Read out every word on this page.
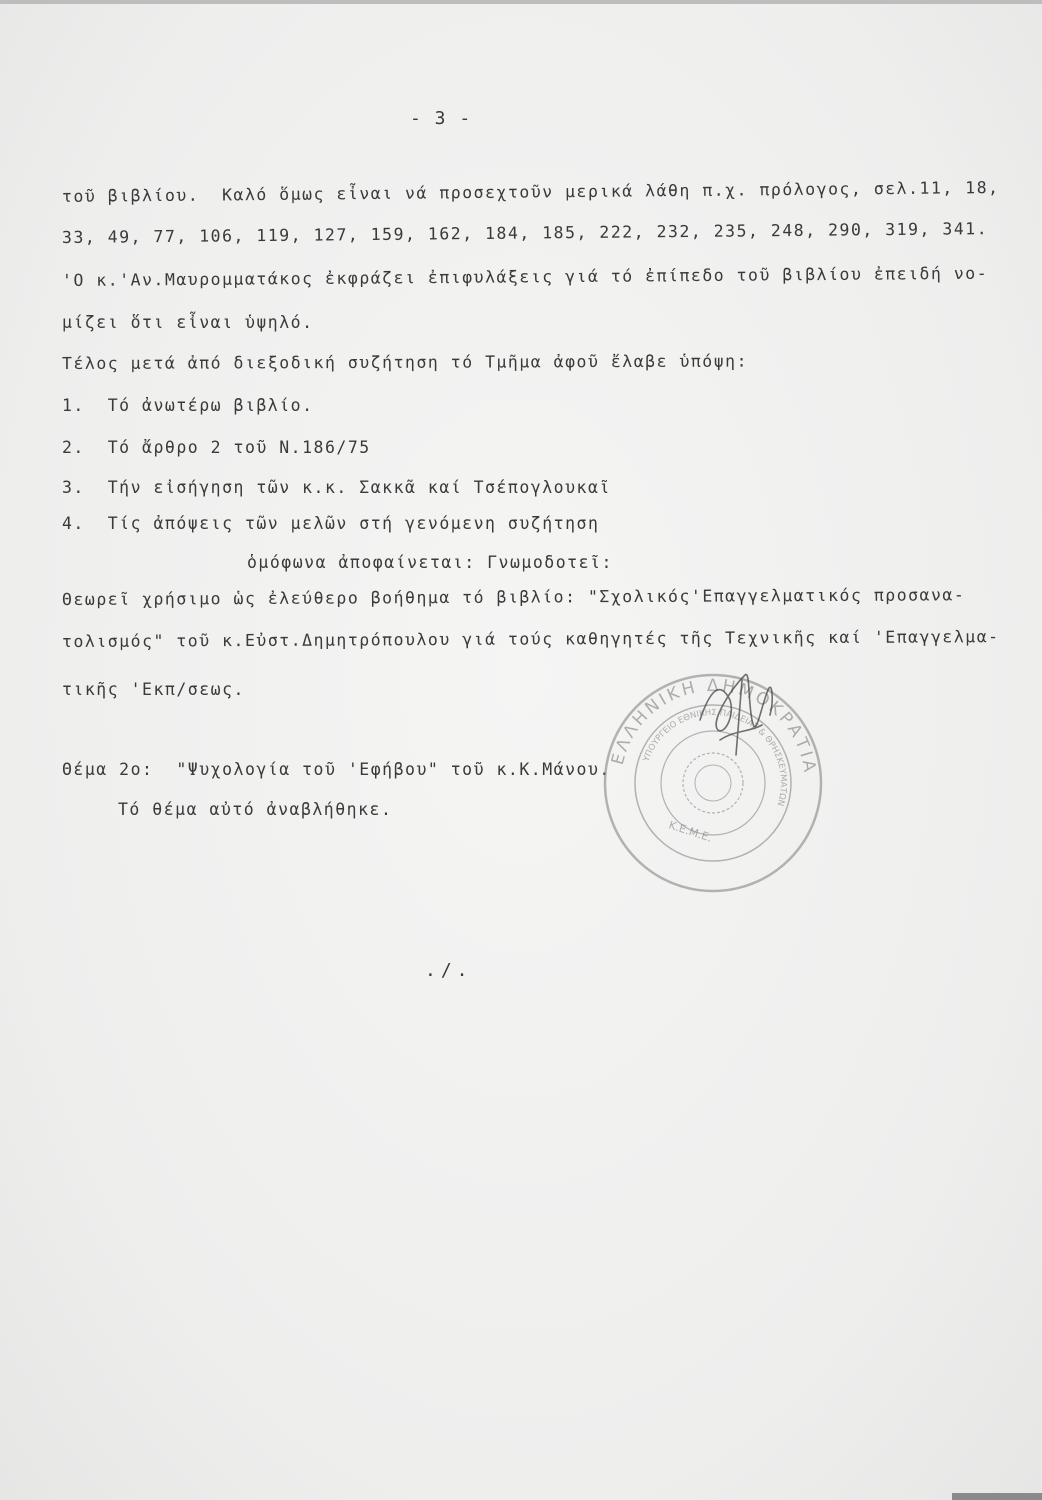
- 3 -
τοῦ βιβλίου.  Καλό ὅμως εἶναι νά προσεχτοῦν μερικά λάθη π.χ. πρόλογος, σελ.11, 18,
33, 49, 77, 106, 119, 127, 159, 162, 184, 185, 222, 232, 235, 248, 290, 319, 341.
'Ο κ.'Αν.Μαυρομματάκος ἐκφράζει ἐπιφυλάξεις γιά τό ἐπίπεδο τοῦ βιβλίου ἐπειδή νο-
μίζει ὅτι εἶναι ὑψηλό.
Τέλος μετά ἀπό διεξοδική συζήτηση τό Τμῆμα ἀφοῦ ἔλαβε ὑπόψη:
1.  Τό ἀνωτέρω βιβλίο.
2.  Τό ἄρθρο 2 τοῦ Ν.186/75
3.  Τήν εἰσήγηση τῶν κ.κ. Σακκᾶ καί Τσέπογλουκαῖ
4.  Τίς ἀπόψεις τῶν μελῶν στή γενόμενη συζήτηση
ὁμόφωνα ἀποφαίνεται: Γνωμοδοτεῖ:
Θεωρεῖ χρήσιμο ὡς ἐλεύθερο βοήθημα τό βιβλίο: "Σχολικός'Επαγγελματικός προσανα-
τολισμός" τοῦ κ.Εὐστ.Δημητρόπουλου γιά τούς καθηγητές τῆς Τεχνικῆς καί 'Επαγγελμα-
τικῆς 'Εκπ/σεως.
Θέμα 2ο:  "Ψυχολογία τοῦ 'Εφήβου" τοῦ κ.Κ.Μάνου.
Τό θέμα αὐτό ἀναβλήθηκε.
./.
ΕΛΛΗΝΙΚΗ ΔΗΜΟΚΡΑΤΙΑ
ΥΠΟΥΡΓΕΙΟ ΕΘΝΙΚΗΣ ΠΑΙΔΕΙΑΣ & ΘΡΗΣΚΕΥΜΑΤΩΝ
Κ.Ε.Μ.Ε.
